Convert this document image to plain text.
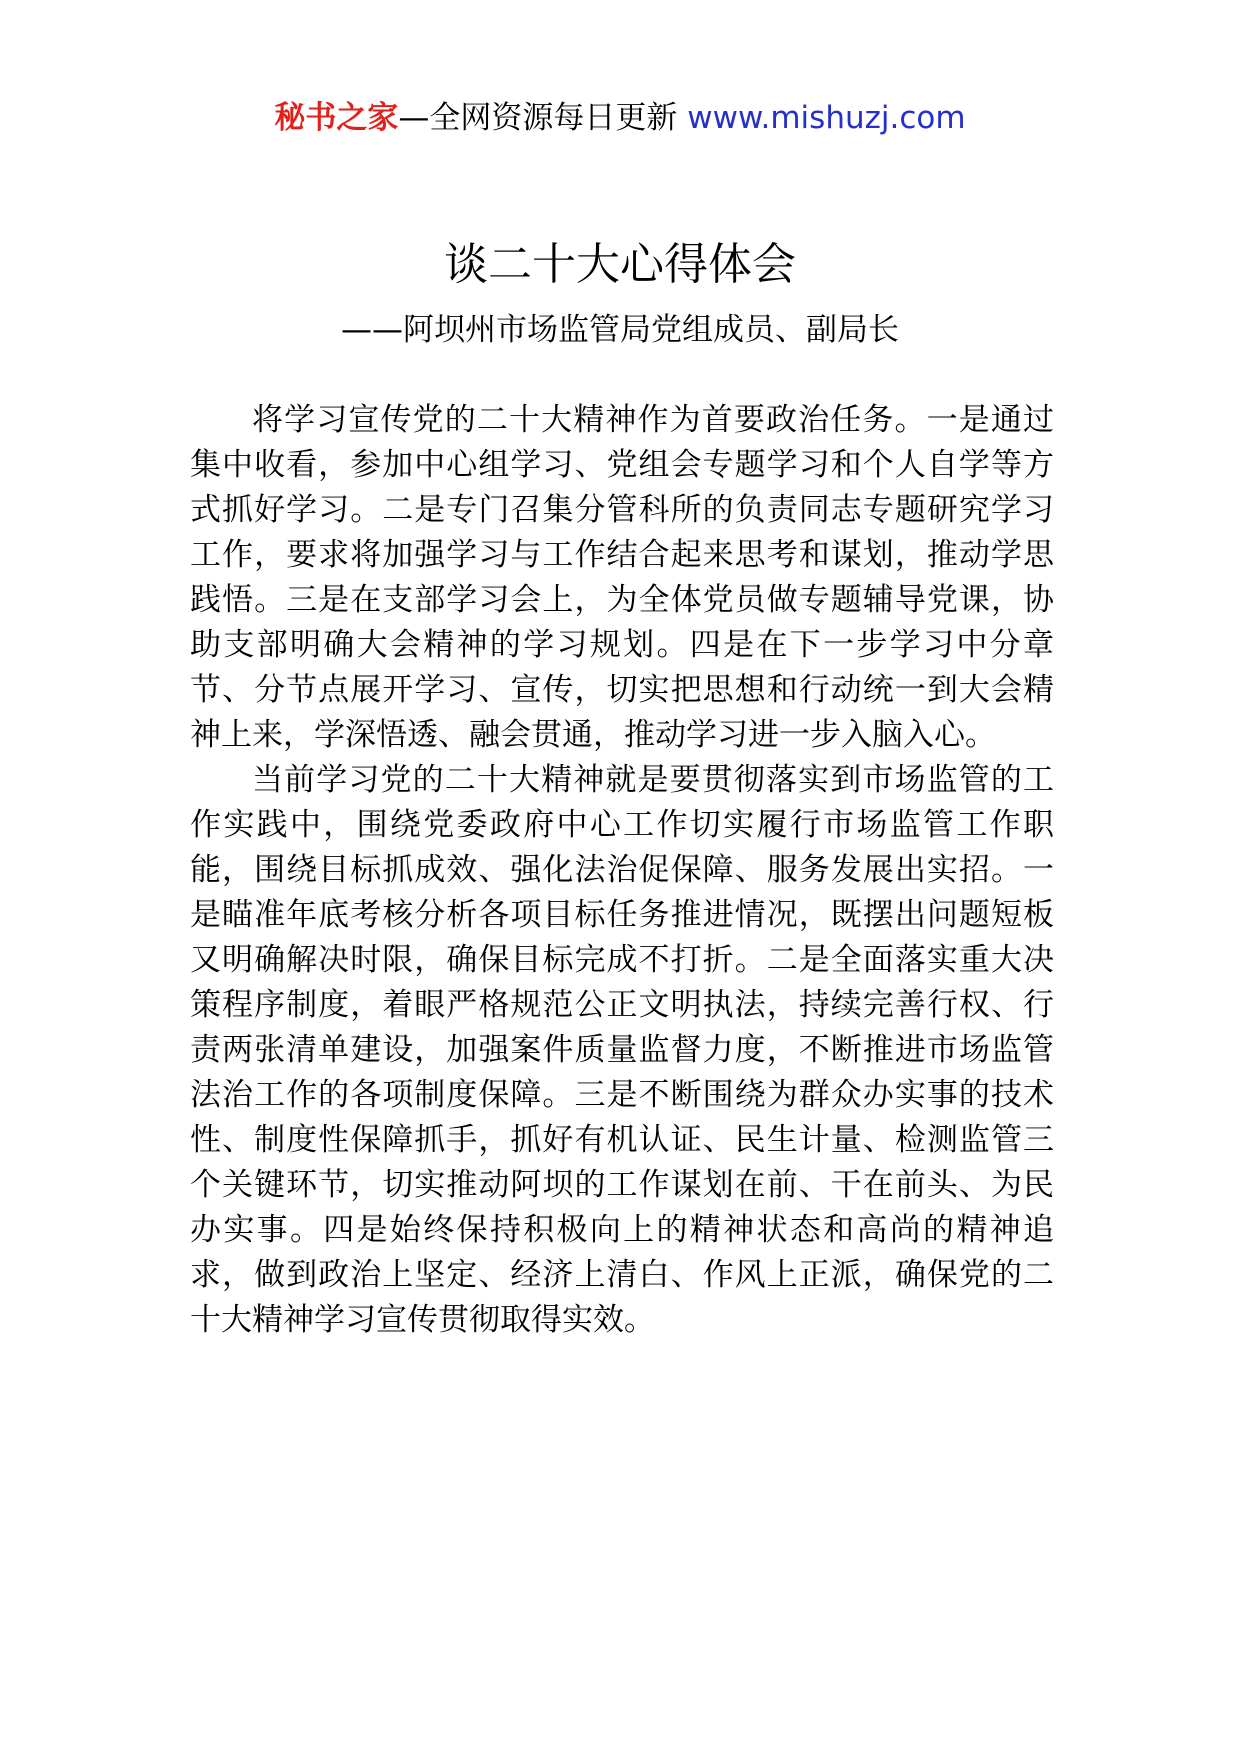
秘书之家—全网资源每日更新 www.mishuzj.com
谈二十大心得体会
——阿坝州市场监管局党组成员、副局长

将学习宣传党的二十大精神作为首要政治任务。一是通过集中收看，参加中心组学习、党组会专题学习和个人自学等方式抓好学习。二是专门召集分管科所的负责同志专题研究学习工作，要求将加强学习与工作结合起来思考和谋划，推动学思践悟。三是在支部学习会上，为全体党员做专题辅导党课，协助支部明确大会精神的学习规划。四是在下一步学习中分章节、分节点展开学习、宣传，切实把思想和行动统一到大会精神上来，学深悟透、融会贯通，推动学习进一步入脑入心。

当前学习党的二十大精神就是要贯彻落实到市场监管的工作实践中，围绕党委政府中心工作切实履行市场监管工作职能，围绕目标抓成效、强化法治促保障、服务发展出实招。一是瞄准年底考核分析各项目标任务推进情况，既摆出问题短板又明确解决时限，确保目标完成不打折。二是全面落实重大决策程序制度，着眼严格规范公正文明执法，持续完善行权、行责两张清单建设，加强案件质量监督力度，不断推进市场监管法治工作的各项制度保障。三是不断围绕为群众办实事的技术性、制度性保障抓手，抓好有机认证、民生计量、检测监管三个关键环节，切实推动阿坝的工作谋划在前、干在前头、为民办实事。四是始终保持积极向上的精神状态和高尚的精神追求，做到政治上坚定、经济上清白、作风上正派，确保党的二十大精神学习宣传贯彻取得实效。
